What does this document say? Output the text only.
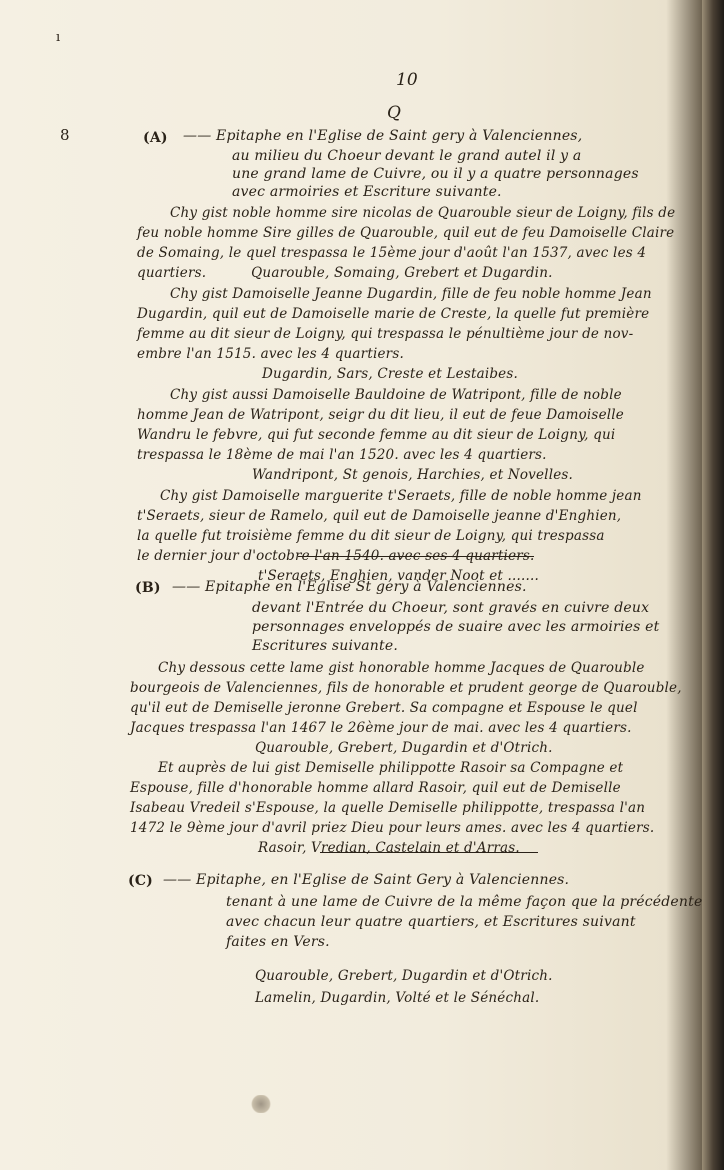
ı
10
Q
8	(A) —— Epitaphe en l'Eglise de Saint gery à Valenciennes,
au milieu du Choeur devant le grand autel il y a
une grand lame de Cuivre, ou il y a quatre personnages
avec armoiries et Escriture suivante.
Chy gist noble homme sire nicolas de Quarouble sieur de Loigny, fils de
feu noble homme Sire gilles de Quarouble, quil eut de feu Damoiselle Claire
de Somaing, le quel trespassa le 15ème jour d'août l'an 1537, avec les 4
quartiers.          Quarouble, Somaing, Grebert et Dugardin.
Chy gist Damoiselle Jeanne Dugardin, fille de feu noble homme Jean
Dugardin, quil eut de Damoiselle marie de Creste, la quelle fut première
femme au dit sieur de Loigny, qui trespassa le pénultième jour de nov-
embre l'an 1515. avec les 4 quartiers.
Dugardin, Sars, Creste et Lestaibes.
Chy gist aussi Damoiselle Bauldoine de Watripont, fille de noble
homme Jean de Watripont, seigr du dit lieu, il eut de feue Damoiselle
Wandru le febvre, qui fut seconde femme au dit sieur de Loigny, qui
trespassa le 18ème de mai l'an 1520. avec les 4 quartiers.
Wandripont, St genois, Harchies, et Novelles.
Chy gist Damoiselle marguerite t'Seraets, fille de noble homme jean
t'Seraets, sieur de Ramelo, quil eut de Damoiselle jeanne d'Enghien,
la quelle fut troisième femme du dit sieur de Loigny, qui trespassa
le dernier jour d'octobre l'an 1540. avec ses 4 quartiers.
t'Seraets, Enghien, vander Noot et .......
(B) —— Epitaphe en l'Eglise St gery à Valenciennes.
devant l'Entrée du Choeur, sont gravés en cuivre deux
personnages enveloppés de suaire avec les armoiries et
Escritures suivante.
Chy dessous cette lame gist honorable homme Jacques de Quarouble
bourgeois de Valenciennes, fils de honorable et prudent george de Quarouble,
qu'il eut de Demiselle jeronne Grebert. Sa compagne et Espouse le quel
Jacques trespassa l'an 1467 le 26ème jour de mai. avec les 4 quartiers.
Quarouble, Grebert, Dugardin et d'Otrich.
Et auprès de lui gist Demiselle philippotte Rasoir sa Compagne et
Espouse, fille d'honorable homme allard Rasoir, quil eut de Demiselle
Isabeau Vredeil s'Espouse, la quelle Demiselle philippotte, trespassa l'an
1472 le 9ème jour d'avril priez Dieu pour leurs ames. avec les 4 quartiers.
Rasoir, Vredian, Castelain et d'Arras.
(C) —— Epitaphe, en l'Eglise de Saint Gery à Valenciennes.
tenant à une lame de Cuivre de la même façon que la précédente
avec chacun leur quatre quartiers, et Escritures suivant
faites en Vers.
Quarouble, Grebert, Dugardin et d'Otrich.
Lamelin, Dugardin, Volté et le Sénéchal.
